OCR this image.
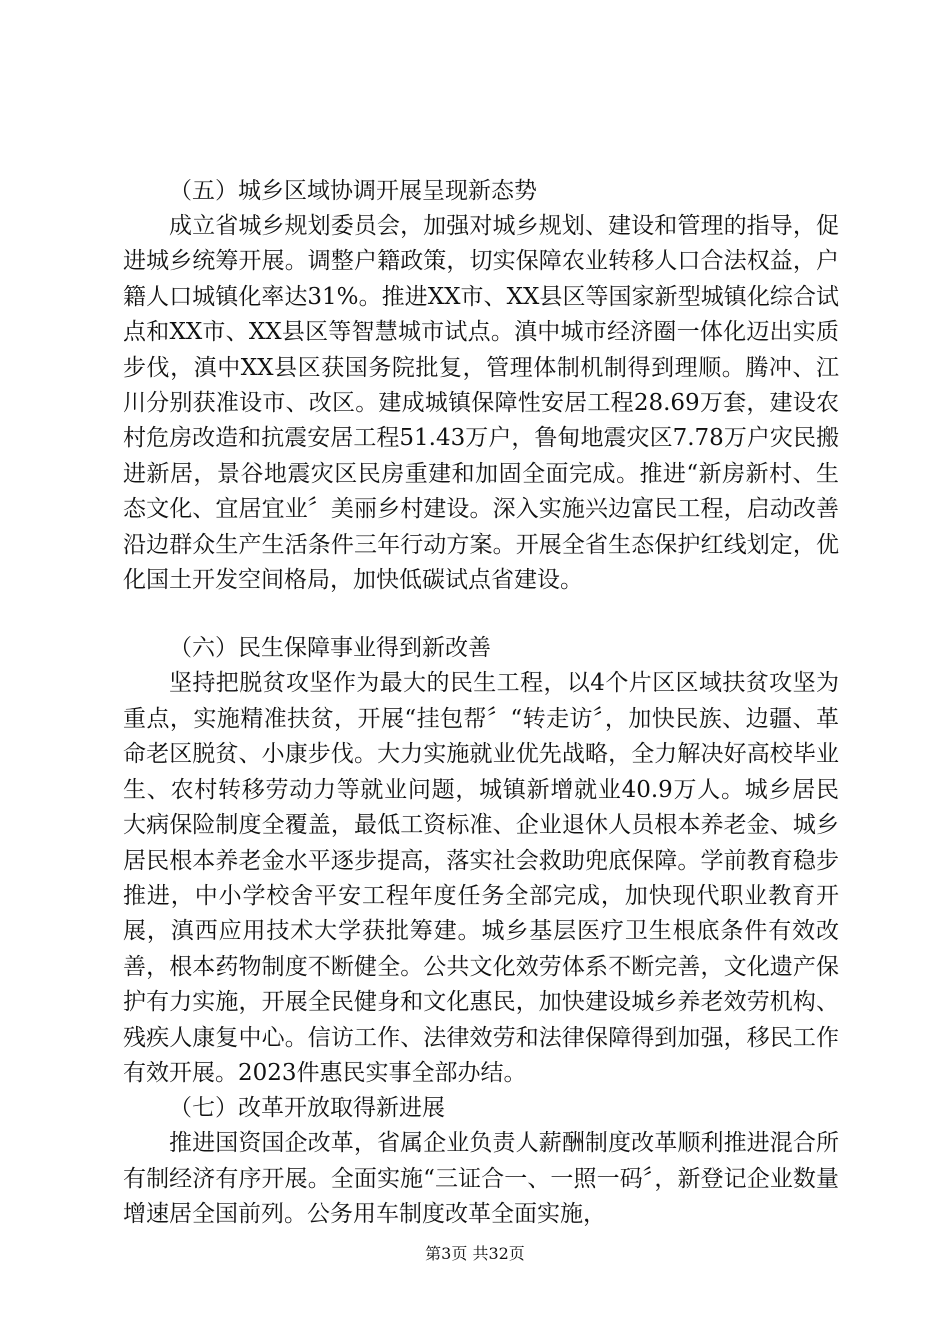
（五）城乡区域协调开展呈现新态势

成立省城乡规划委员会，加强对城乡规划、建设和管理的指导，促进城乡统筹开展。调整户籍政策，切实保障农业转移人口合法权益，户籍人口城镇化率达31%。推进XX市、XX县区等国家新型城镇化综合试点和XX市、XX县区等智慧城市试点。滇中城市经济圈一体化迈出实质步伐，滇中XX县区获国务院批复，管理体制机制得到理顺。腾冲、江川分别获准设市、改区。建成城镇保障性安居工程28.69万套，建设农村危房改造和抗震安居工程51.43万户，鲁甸地震灾区7.78万户灾民搬进新居，景谷地震灾区民房重建和加固全面完成。推进“新房新村、生态文化、宜居宜业〞美丽乡村建设。深入实施兴边富民工程，启动改善沿边群众生产生活条件三年行动方案。开展全省生态保护红线划定，优化国土开发空间格局，加快低碳试点省建设。

（六）民生保障事业得到新改善

坚持把脱贫攻坚作为最大的民生工程，以4个片区区域扶贫攻坚为重点，实施精准扶贫，开展“挂包帮〞“转走访〞，加快民族、边疆、革命老区脱贫、小康步伐。大力实施就业优先战略，全力解决好高校毕业生、农村转移劳动力等就业问题，城镇新增就业40.9万人。城乡居民大病保险制度全覆盖，最低工资标准、企业退休人员根本养老金、城乡居民根本养老金水平逐步提高，落实社会救助兜底保障。学前教育稳步推进，中小学校舍平安工程年度任务全部完成，加快现代职业教育开展，滇西应用技术大学获批筹建。城乡基层医疗卫生根底条件有效改善，根本药物制度不断健全。公共文化效劳体系不断完善，文化遗产保护有力实施，开展全民健身和文化惠民，加快建设城乡养老效劳机构、残疾人康复中心。信访工作、法律效劳和法律保障得到加强，移民工作有效开展。2023件惠民实事全部办结。

（七）改革开放取得新进展

推进国资国企改革，省属企业负责人薪酬制度改革顺利推进混合所有制经济有序开展。全面实施“三证合一、一照一码〞，新登记企业数量增速居全国前列。公务用车制度改革全面实施，

第3页 共32页
